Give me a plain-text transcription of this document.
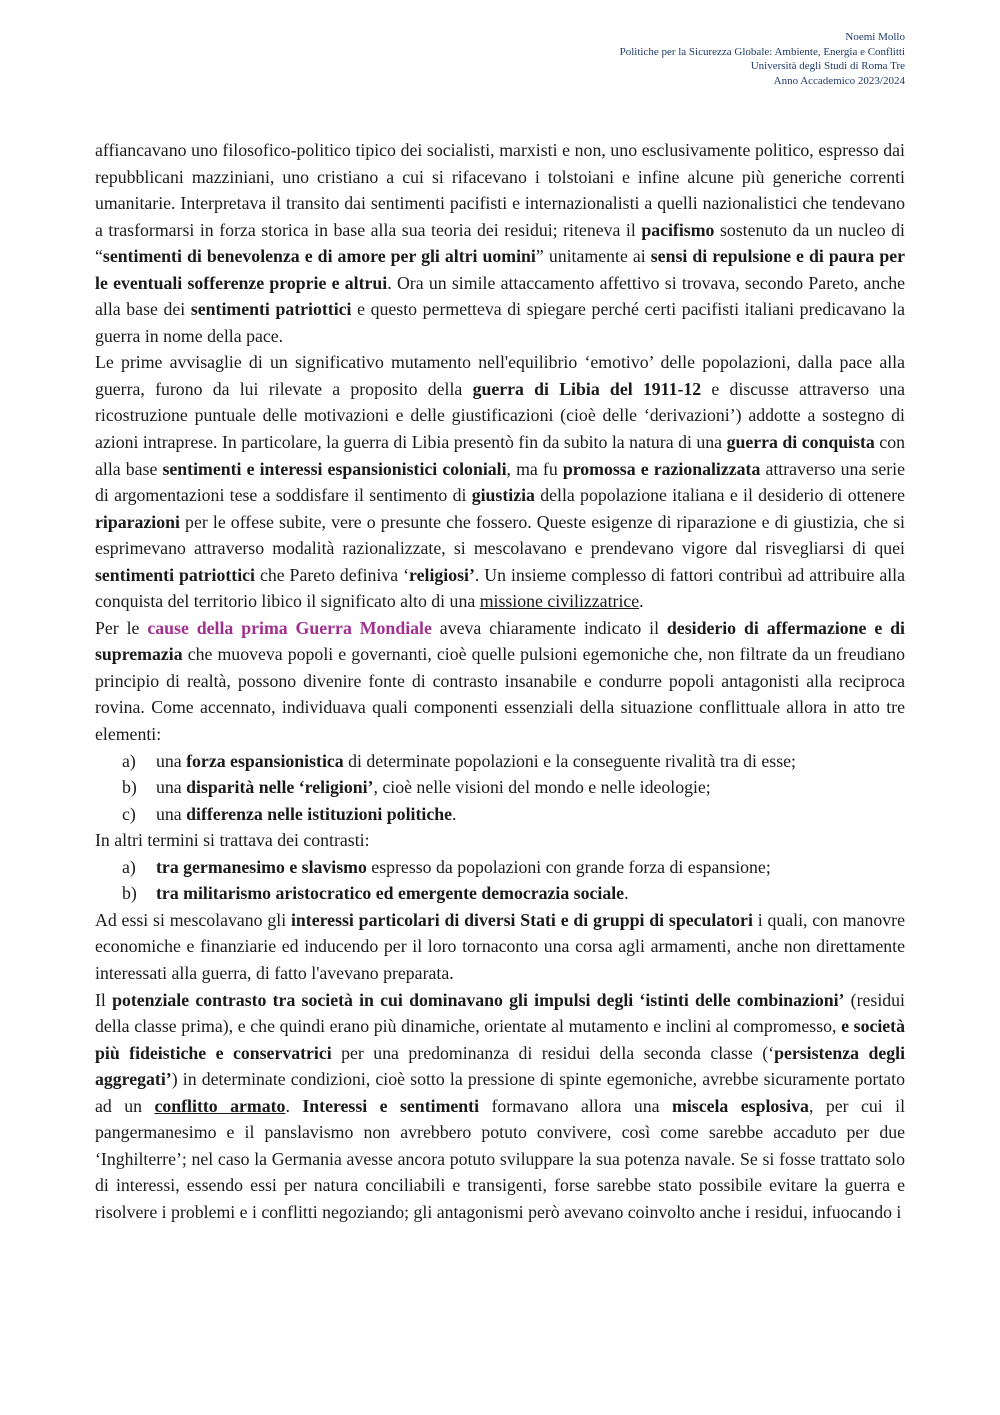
Noemi Mollo
Politiche per la Sicurezza Globale: Ambiente, Energia e Conflitti
Università degli Studi di Roma Tre
Anno Accademico 2023/2024

affiancavano uno filosofico-politico tipico dei socialisti, marxisti e non, uno esclusivamente politico, espresso dai repubblicani mazziniani, uno cristiano a cui si rifacevano i tolstoiani e infine alcune più generiche correnti umanitarie. Interpretava il transito dai sentimenti pacifisti e internazionalisti a quelli nazionalistici che tendevano a trasformarsi in forza storica in base alla sua teoria dei residui; riteneva il pacifismo sostenuto da un nucleo di “sentimenti di benevolenza e di amore per gli altri uomini” unitamente ai sensi di repulsione e di paura per le eventuali sofferenze proprie e altrui. Ora un simile attaccamento affettivo si trovava, secondo Pareto, anche alla base dei sentimenti patriottici e questo permetteva di spiegare perché certi pacifisti italiani predicavano la guerra in nome della pace.

Le prime avvisaglie di un significativo mutamento nell'equilibrio ‘emotivo’ delle popolazioni, dalla pace alla guerra, furono da lui rilevate a proposito della guerra di Libia del 1911-12 e discusse attraverso una ricostruzione puntuale delle motivazioni e delle giustificazioni (cioè delle ‘derivazioni’) addotte a sostegno di azioni intraprese. In particolare, la guerra di Libia presentò fin da subito la natura di una guerra di conquista con alla base sentimenti e interessi espansionistici coloniali, ma fu promossa e razionalizzata attraverso una serie di argomentazioni tese a soddisfare il sentimento di giustizia della popolazione italiana e il desiderio di ottenere riparazioni per le offese subite, vere o presunte che fossero. Queste esigenze di riparazione e di giustizia, che si esprimevano attraverso modalità razionalizzate, si mescolavano e prendevano vigore dal risvegliarsi di quei sentimenti patriottici che Pareto definiva ‘religiosi’. Un insieme complesso di fattori contribuì ad attribuire alla conquista del territorio libico il significato alto di una missione civilizzatrice.

Per le cause della prima Guerra Mondiale aveva chiaramente indicato il desiderio di affermazione e di supremazia che muoveva popoli e governanti, cioè quelle pulsioni egemoniche che, non filtrate da un freudiano principio di realtà, possono divenire fonte di contrasto insanabile e condurre popoli antagonisti alla reciproca rovina. Come accennato, individuava quali componenti essenziali della situazione conflittuale allora in atto tre elementi:

a) una forza espansionistica di determinate popolazioni e la conseguente rivalità tra di esse;
b) una disparità nelle ‘religioni’, cioè nelle visioni del mondo e nelle ideologie;
c) una differenza nelle istituzioni politiche.

In altri termini si trattava dei contrasti:

a) tra germanesimo e slavismo espresso da popolazioni con grande forza di espansione;
b) tra militarismo aristocratico ed emergente democrazia sociale.

Ad essi si mescolavano gli interessi particolari di diversi Stati e di gruppi di speculatori i quali, con manovre economiche e finanziarie ed inducendo per il loro tornaconto una corsa agli armamenti, anche non direttamente interessati alla guerra, di fatto l'avevano preparata.

Il potenziale contrasto tra società in cui dominavano gli impulsi degli ‘istinti delle combinazioni’ (residui della classe prima), e che quindi erano più dinamiche, orientate al mutamento e inclini al compromesso, e società più fideistiche e conservatrici per una predominanza di residui della seconda classe (‘persistenza degli aggregati’) in determinate condizioni, cioè sotto la pressione di spinte egemoniche, avrebbe sicuramente portato ad un conflitto armato. Interessi e sentimenti formavano allora una miscela esplosiva, per cui il pangermanesimo e il panslavismo non avrebbero potuto convivere, così come sarebbe accaduto per due ‘Inghilterre’; nel caso la Germania avesse ancora potuto sviluppare la sua potenza navale. Se si fosse trattato solo di interessi, essendo essi per natura conciliabili e transigenti, forse sarebbe stato possibile evitare la guerra e risolvere i problemi e i conflitti negoziando; gli antagonismi però avevano coinvolto anche i residui, infuocando i
